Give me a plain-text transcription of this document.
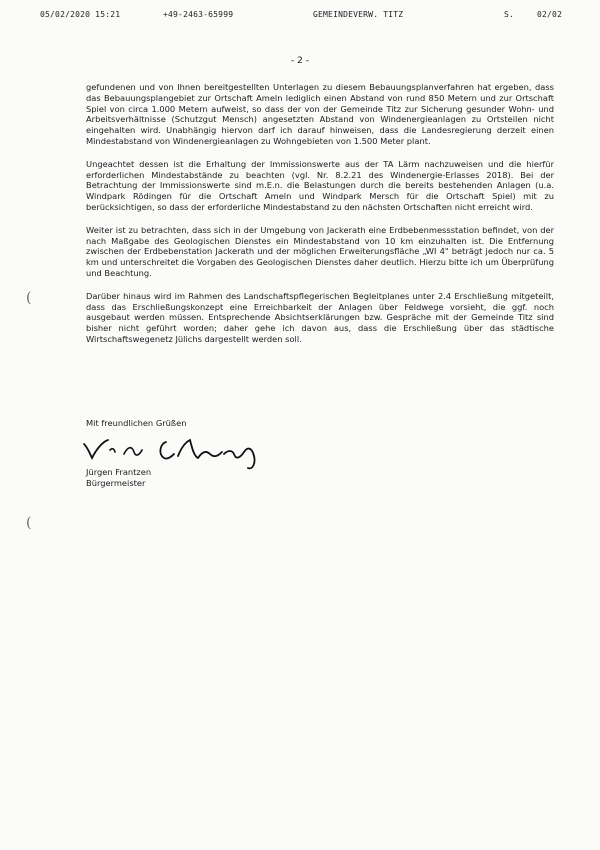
05/02/2020 15:21	+49-2463-65999	GEMEINDEVERW. TITZ	S.	02/02
- 2 -

gefundenen und von Ihnen bereitgestellten Unterlagen zu diesem Bebauungsplanverfahren hat ergeben, dass das Bebauungsplangebiet zur Ortschaft Ameln lediglich einen Abstand von rund 850 Metern und zur Ortschaft Spiel von circa 1.000 Metern aufweist, so dass der von der Gemeinde Titz zur Sicherung gesunder Wohn- und Arbeitsverhältnisse (Schutzgut Mensch) angesetzten Abstand von Windenergieanlagen zu Ortsteilen nicht eingehalten wird. Unabhängig hiervon darf ich darauf hinweisen, dass die Landesregierung derzeit einen Mindestabstand von Windenergieanlagen zu Wohngebieten von 1.500 Meter plant.

Ungeachtet dessen ist die Erhaltung der Immissionswerte aus der TA Lärm nachzuweisen und die hierfür erforderlichen Mindestabstände zu beachten (vgl. Nr. 8.2.21 des Windenergie-Erlasses 2018). Bei der Betrachtung der Immissionswerte sind m.E.n. die Belastungen durch die bereits bestehenden Anlagen (u.a. Windpark Rödingen für die Ortschaft Ameln und Windpark Mersch für die Ortschaft Spiel) mit zu berücksichtigen, so dass der erforderliche Mindestabstand zu den nächsten Ortschaften nicht erreicht wird.

Weiter ist zu betrachten, dass sich in der Umgebung von Jackerath eine Erdbebenmessstation befindet, von der nach Maßgabe des Geologischen Dienstes ein Mindestabstand von 10 km einzuhalten ist. Die Entfernung zwischen der Erdbebenstation Jackerath und der möglichen Erweiterungsfläche „WI 4" beträgt jedoch nur ca. 5 km und unterschreitet die Vorgaben des Geologischen Dienstes daher deutlich. Hierzu bitte ich um Überprüfung und Beachtung.

Darüber hinaus wird im Rahmen des Landschaftspflegerischen Begleitplanes unter 2.4 Erschließung mitgeteilt, dass das Erschließungskonzept eine Erreichbarkeit der Anlagen über Feldwege vorsieht, die ggf. noch ausgebaut werden müssen. Entsprechende Absichtserklärungen bzw. Gespräche mit der Gemeinde Titz sind bisher nicht geführt worden; daher gehe ich davon aus, dass die Erschließung über das städtische Wirtschaftswegenetz Jülichs dargestellt werden soll.

Mit freundlichen Grüßen
Jürgen Frantzen
Bürgermeister
(
(
